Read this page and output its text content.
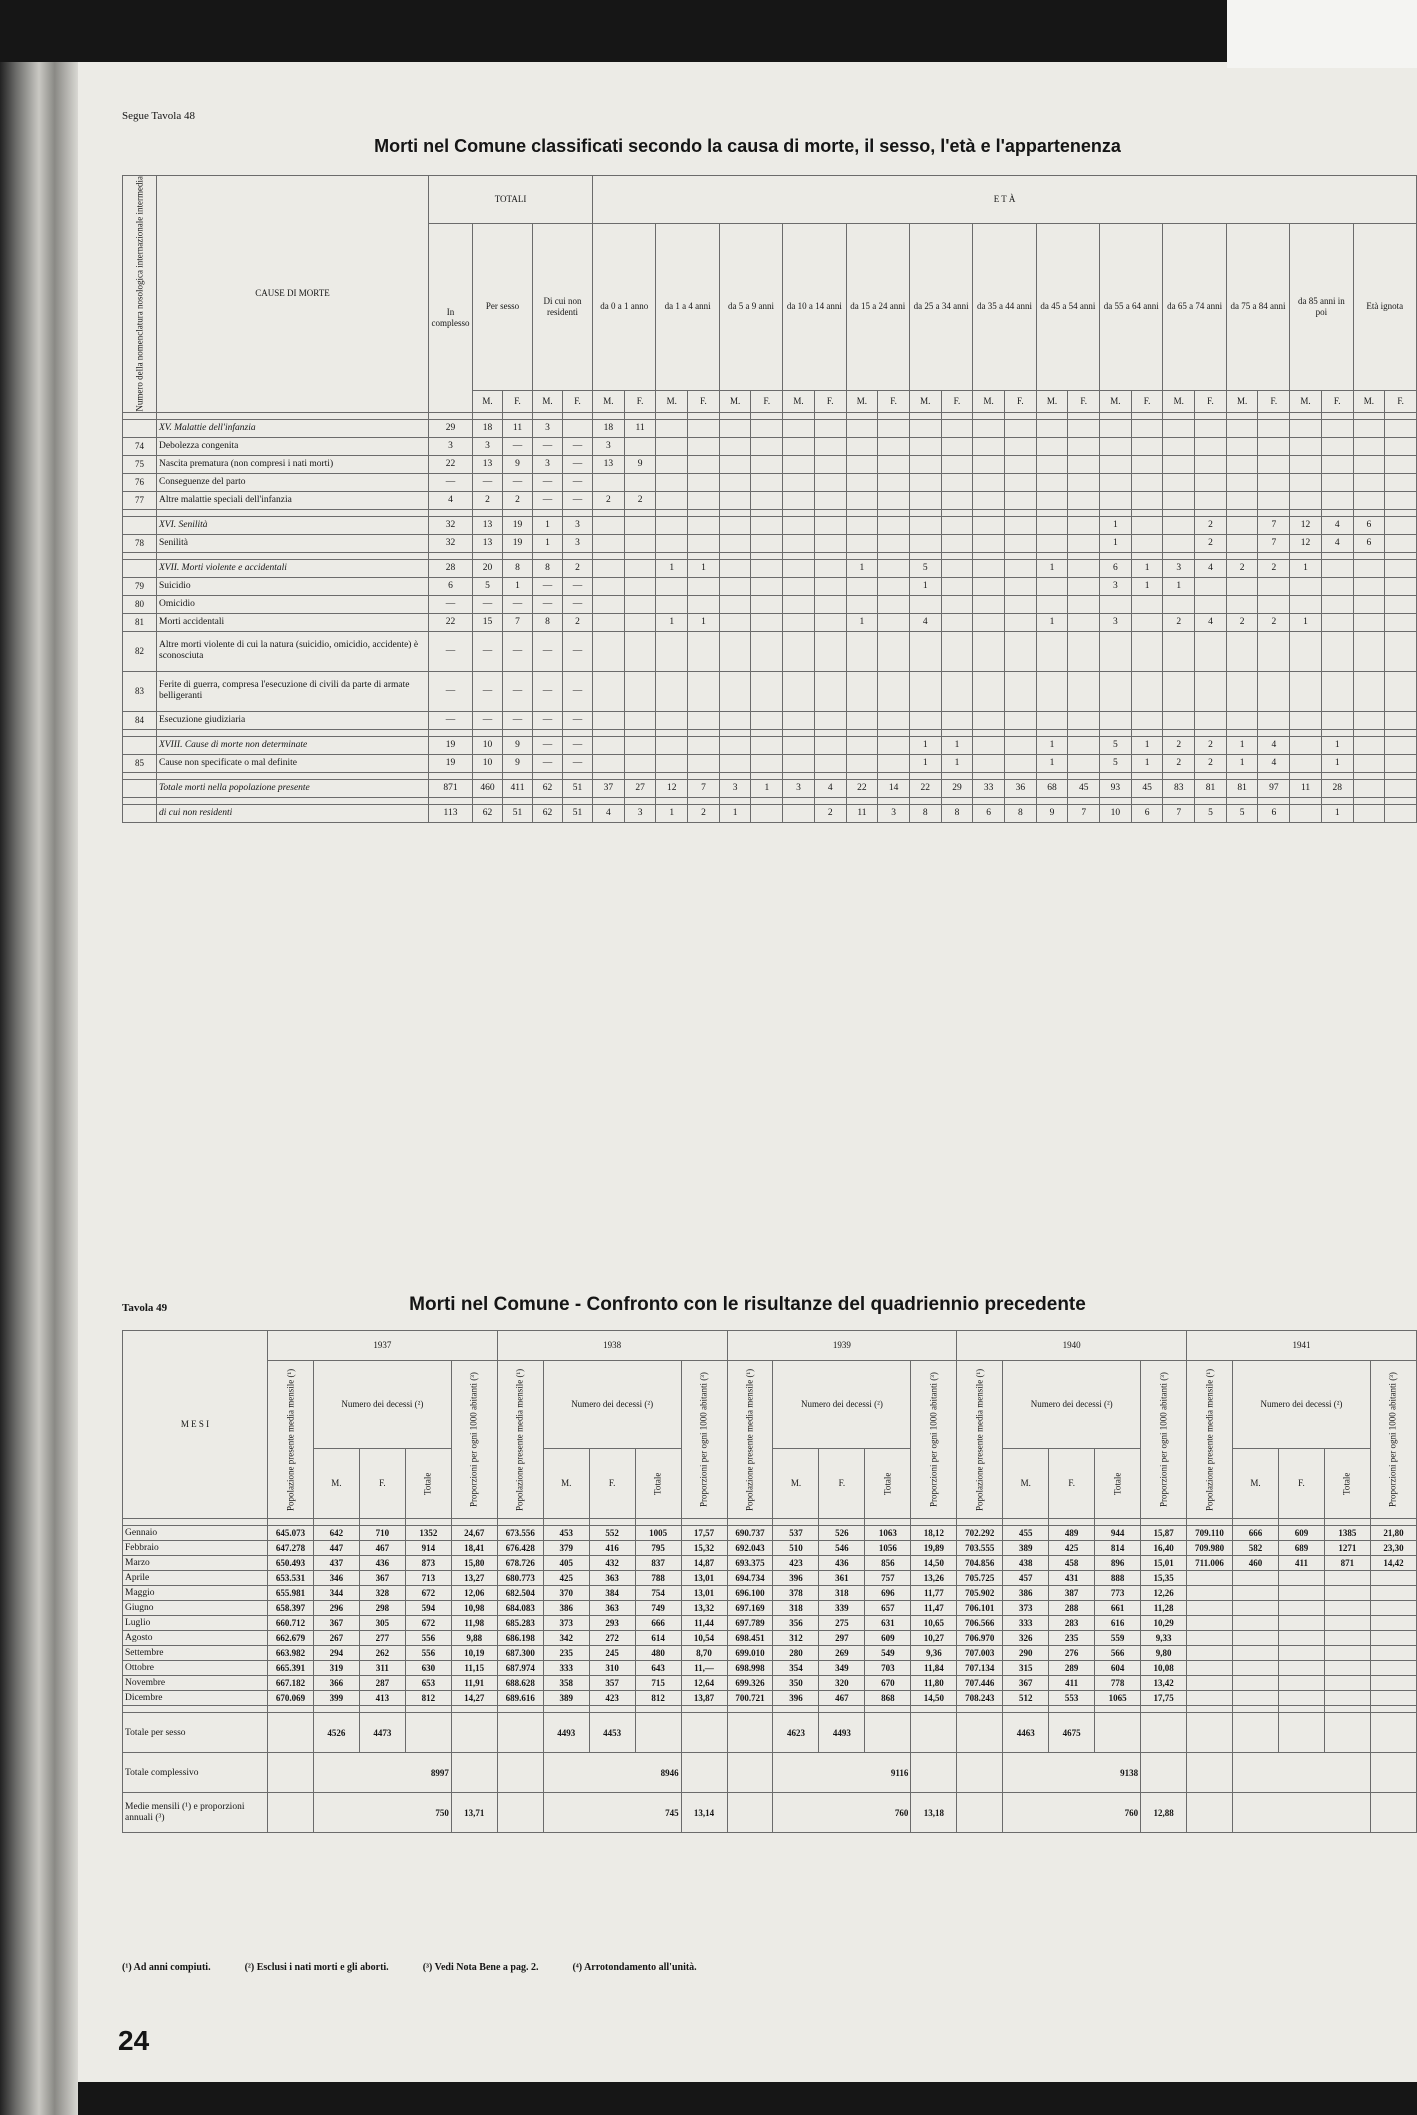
Segue Tavola 48
Morti nel Comune classificati secondo la causa di morte, il sesso, l'età e l'appartenenza
Tavola 49	Morti nel Comune - Confronto con le risultanze del quadriennio precedente
Numero della nomenclatura nosologica internazionale intermedia	CAUSE DI MORTE	TOTALI					E T À																									
		In complesso	Per sesso		Di cui non residenti		da 0 a 1 anno		da 1 a 4 anni		da 5 a 9 anni		da 10 a 14 anni		da 15 a 24 anni		da 25 a 34 anni		da 35 a 44 anni		da 45 a 54 anni		da 55 a 64 anni		da 65 a 74 anni		da 75 a 84 anni		da 85 anni in poi		Età ignota	
			M.	F.	M.	F.	M.	F.	M.	F.	M.	F.	M.	F.	M.	F.	M.	F.	M.	F.	M.	F.	M.	F.	M.	F.	M.	F.	M.	F.	M.	F.

	XV. Malattie dell'infanzia	29	18	11	3		18	11																								
74	Debolezza congenita	3	3	—	—	—	3																									
75	Nascita prematura (non compresi i nati morti)	22	13	9	3	—	13	9																								
76	Conseguenze del parto	—	—	—	—	—																										
77	Altre malattie speciali dell'infanzia	4	2	2	—	—	2	2																								

	XVI. Senilità	32	13	19	1	3																	1			2		7	12	4	6	
78	Senilità	32	13	19	1	3																	1			2		7	12	4	6	

	XVII. Morti violente e accidentali	28	20	8	8	2			1	1					1		5				1		6	1	3	4	2	2	1			
79	Suicidio	6	5	1	—	—											1						3	1	1							
80	Omicidio	—	—	—	—	—																										
81	Morti accidentali	22	15	7	8	2			1	1					1		4				1		3		2	4	2	2	1			
82	Altre morti violente di cui la natura (suicidio, omicidio, accidente) è sconosciuta	—	—	—	—	—																										
83	Ferite di guerra, compresa l'esecuzione di civili da parte di armate belligeranti	—	—	—	—	—																										
84	Esecuzione giudiziaria	—	—	—	—	—																										

	XVIII. Cause di morte non determinate	19	10	9	—	—											1	1			1		5	1	2	2	1	4		1		
85	Cause non specificate o mal definite	19	10	9	—	—											1	1			1		5	1	2	2	1	4		1		

	Totale morti nella popolazione presente	871	460	411	62	51	37	27	12	7	3	1	3	4	22	14	22	29	33	36	68	45	93	45	83	81	81	97	11	28		

	di cui non residenti	113	62	51	62	51	4	3	1	2	1			2	11	3	8	8	6	8	9	7	10	6	7	5	5	6		1		
M E S I	1937					1938					1939					1940					1941				
	Popolazione presente media mensile (¹)	Numero dei decessi (²)			Proporzioni per ogni 1000 abitanti (³)	Popolazione presente media mensile (¹)	Numero dei decessi (²)			Proporzioni per ogni 1000 abitanti (³)	Popolazione presente media mensile (¹)	Numero dei decessi (²)			Proporzioni per ogni 1000 abitanti (³)	Popolazione presente media mensile (¹)	Numero dei decessi (²)			Proporzioni per ogni 1000 abitanti (³)	Popolazione presente media mensile (¹)	Numero dei decessi (²)			Proporzioni per ogni 1000 abitanti (³)
		M.	F.	Totale			M.	F.	Totale			M.	F.	Totale			M.	F.	Totale			M.	F.	Totale	

Gennaio	645.073	642	710	1352	24,67	673.556	453	552	1005	17,57	690.737	537	526	1063	18,12	702.292	455	489	944	15,87	709.110	666	609	1385	21,80
Febbraio	647.278	447	467	914	18,41	676.428	379	416	795	15,32	692.043	510	546	1056	19,89	703.555	389	425	814	16,40	709.980	582	689	1271	23,30
Marzo	650.493	437	436	873	15,80	678.726	405	432	837	14,87	693.375	423	436	856	14,50	704.856	438	458	896	15,01	711.006	460	411	871	14,42
Aprile	653.531	346	367	713	13,27	680.773	425	363	788	13,01	694.734	396	361	757	13,26	705.725	457	431	888	15,35					
Maggio	655.981	344	328	672	12,06	682.504	370	384	754	13,01	696.100	378	318	696	11,77	705.902	386	387	773	12,26					
Giugno	658.397	296	298	594	10,98	684.083	386	363	749	13,32	697.169	318	339	657	11,47	706.101	373	288	661	11,28					
Luglio	660.712	367	305	672	11,98	685.283	373	293	666	11,44	697.789	356	275	631	10,65	706.566	333	283	616	10,29					
Agosto	662.679	267	277	556	9,88	686.198	342	272	614	10,54	698.451	312	297	609	10,27	706.970	326	235	559	9,33					
Settembre	663.982	294	262	556	10,19	687.300	235	245	480	8,70	699.010	280	269	549	9,36	707.003	290	276	566	9,80					
Ottobre	665.391	319	311	630	11,15	687.974	333	310	643	11,—	698.998	354	349	703	11,84	707.134	315	289	604	10,08					
Novembre	667.182	366	287	653	11,91	688.628	358	357	715	12,64	699.326	350	320	670	11,80	707.446	367	411	778	13,42					
Dicembre	670.069	399	413	812	14,27	689.616	389	423	812	13,87	700.721	396	467	868	14,50	708.243	512	553	1065	17,75					

Totale per sesso		4526	4473				4493	4453				4623	4493				4463	4675							
Totale complessivo		8997					8946					9116					9138								
Medie mensili (¹) e proporzioni annuali (³)		750			13,71		745			13,14		760			13,18		760			12,88					
(¹) Ad anni compiuti.	(²) Esclusi i nati morti e gli aborti.	(³) Vedi Nota Bene a pag. 2.	(⁴) Arrotondamento all'unità.
24
